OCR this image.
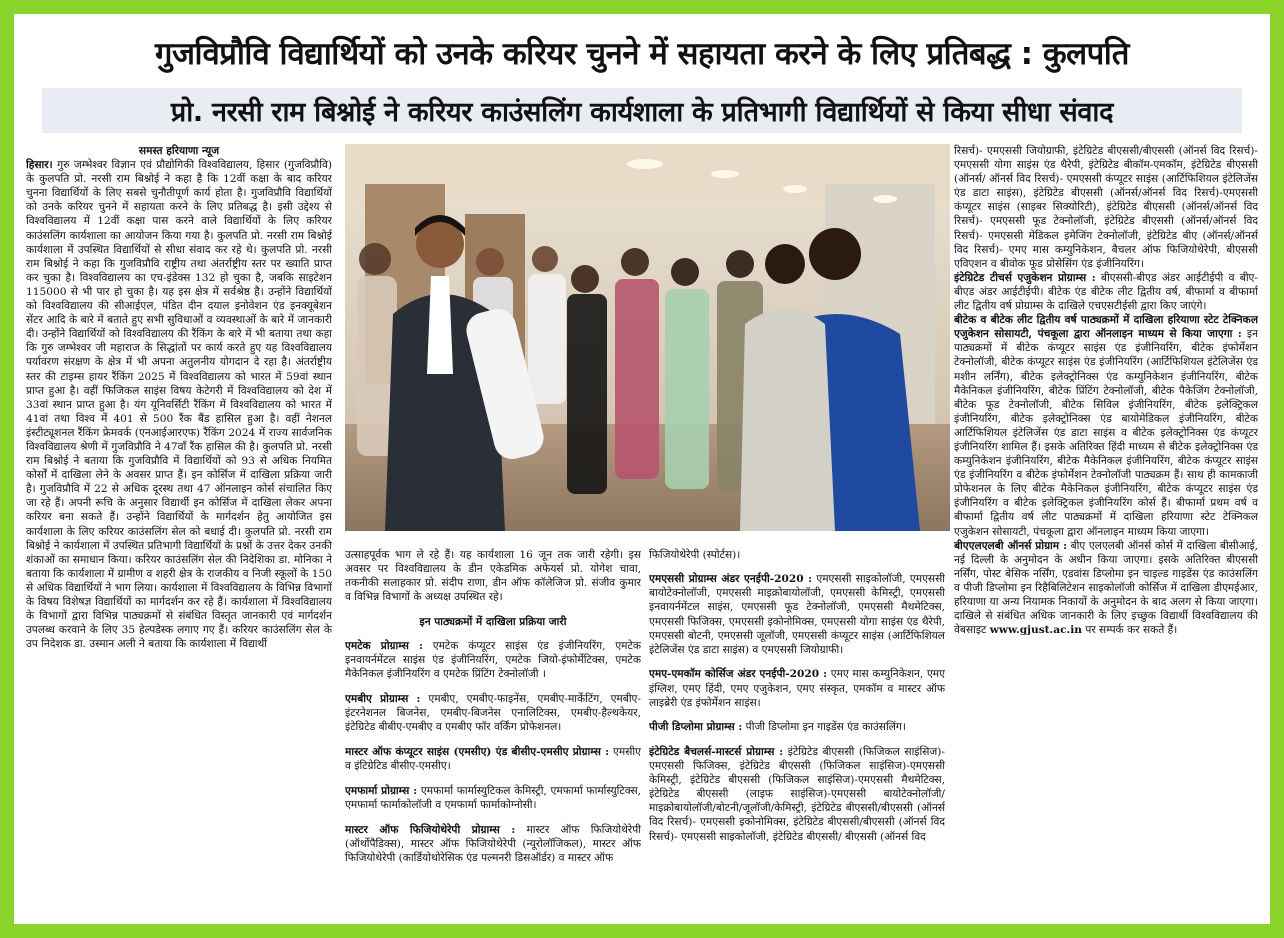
गुजविप्रौवि विद्यार्थियों को उनके करियर चुनने में सहायता करने के लिए प्रतिबद्ध : कुलपति
प्रो. नरसी राम बिश्नोई ने करियर काउंसलिंग कार्यशाला के प्रतिभागी विद्यार्थियों से किया सीधा संवाद

समस्त हरियाणा न्यूज

हिसार। गुरु जम्भेश्वर विज्ञान एवं प्रौद्योगिकी विश्वविद्यालय, हिसार (गुजविप्रौवि) के कुलपति प्रो. नरसी राम बिश्नोई ने कहा है कि 12वीं कक्षा के बाद करियर चुनना विद्यार्थियों के लिए सबसे चुनौतीपूर्ण कार्य होता है। गुजविप्रौवि विद्यार्थियों को उनके करियर चुनने में सहायता करने के लिए प्रतिबद्ध है। इसी उद्देश्य से विश्वविद्यालय में 12वीं कक्षा पास करने वाले विद्यार्थियों के लिए करियर काउंसलिंग कार्यशाला का आयोजन किया गया है। कुलपति प्रो. नरसी राम बिश्नोई कार्यशाला में उपस्थित विद्यार्थियों से सीधा संवाद कर रहे थे। कुलपति प्रो. नरसी राम बिश्नोई ने कहा कि गुजविप्रौवि राष्ट्रीय तथा अंतर्राष्ट्रीय स्तर पर ख्याति प्राप्त कर चुका है। विश्वविद्यालय का एच-इंडेक्स 132 हो चुका है, जबकि साइटेशन 115000 से भी पार हो चुका है। यह इस क्षेत्र में सर्वश्रेष्ठ है। उन्होंने विद्यार्थियों को विश्वविद्यालय की सीआईएल, पंडित दीन दयाल इनोवेशन एंड इनक्यूबेशन सेंटर आदि के बारे में बताते हुए सभी सुविधाओं व व्यवस्थाओं के बारे में जानकारी दी। उन्होंने विद्यार्थियों को विश्वविद्यालय की रैंकिंग के बारे में भी बताया तथा कहा कि गुरु जम्भेश्वर जी महाराज के सिद्धांतों पर कार्य करते हुए यह विश्वविद्यालय पर्यावरण संरक्षण के क्षेत्र में भी अपना अतुलनीय योगदान दे रहा है। अंतर्राष्ट्रीय स्तर की टाइम्स हायर रैंकिंग 2025 में विश्वविद्यालय को भारत में 59वां स्थान प्राप्त हुआ है। वहीं फिजिकल साइंस विषय केटेगरी में विश्वविद्यालय को देश में 33वां स्थान प्राप्त हुआ है। यंग यूनिवर्सिटी रैंकिंग में विश्वविद्यालय को भारत में 41वां तथा विश्व में 401 से 500 रैंक बैंड हासिल हुआ है। वहीं नेशनल इंस्टीट्यूशनल रैंकिंग फ्रेमवर्क (एनआईआरएफ) रैंकिंग 2024 में राज्य सार्वजनिक विश्वविद्यालय श्रेणी में गुजविप्रौवि ने 47वाँ रैंक हासिल की है। कुलपति प्रो. नरसी राम बिश्नोई ने बताया कि गुजविप्रौवि में विद्यार्थियों को 93 से अधिक नियमित कोर्सों में दाखिला लेने के अवसर प्राप्त हैं। इन कोर्सिज में दाखिला प्रक्रिया जारी है। गुजविप्रौवि में 22 से अधिक दूरस्थ तथा 47 ऑनलाइन कोर्स संचालित किए जा रहे हैं। अपनी रूचि के अनुसार विद्यार्थी इन कोर्सिज में दाखिला लेकर अपना करियर बना सकते हैं। उन्होंने विद्यार्थियों के मार्गदर्शन हेतु आयोजित इस कार्यशाला के लिए करियर काउंसलिंग सेल को बधाई दी। कुलपति प्रो. नरसी राम बिश्नोई ने कार्यशाला में उपस्थित प्रतिभागी विद्यार्थियों के प्रश्नों के उत्तर देकर उनकी शंकाओं का समाधान किया। करियर काउंसलिंग सेल की निदेशिका डा. मोनिका ने बताया कि कार्यशाला में ग्रामीण व शहरी क्षेत्र के राजकीय व निजी स्कूलों के 150 से अधिक विद्यार्थियों ने भाग लिया। कार्यशाला में विश्वविद्यालय के विभिन्न विभागों के विषय विशेषज्ञ विद्यार्थियों का मार्गदर्शन कर रहे हैं। कार्यशाला में विश्वविद्यालय के विभागों द्वारा विभिन्न पाठ्यक्रमों से संबंधित विस्तृत जानकारी एवं मार्गदर्शन उपलब्ध करवाने के लिए 35 हेल्पडेस्क लगाए गए हैं। करियर काउंसलिंग सेल के उप निदेशक डा. उस्मान अली ने बताया कि कार्यशाला में विद्यार्थी

उत्साहपूर्वक भाग ले रहे हैं। यह कार्यशाला 16 जून तक जारी रहेगी। इस अवसर पर विश्वविद्यालय के डीन एकेडमिक अफेयर्स प्रो. योगेश चावा, तकनीकी सलाहकार प्रो. संदीप राणा, डीन ऑफ कॉलेजिज प्रो. संजीव कुमार व विभिन्न विभागों के अध्यक्ष उपस्थित रहे।

इन पाठ्यक्रमों में दाखिला प्रक्रिया जारी

एमटेक प्रोग्राम्स : एमटेक कंप्यूटर साइंस एंड इंजीनियरिंग, एमटेक इनवायर्नमेंटल साइंस एंड इंजीनियरिंग, एमटेक जियो-इंफोर्मेटिक्स, एमटेक मैकेनिकल इंजीनियरिंग व एमटेक प्रिंटिंग टेक्नोलॉजी ।

एमबीए प्रोग्राम्स : एमबीए, एमबीए-फाइनेंस, एमबीए-मार्केटिंग, एमबीए-इंटरनेशनल बिजनेस, एमबीए-बिजनेस एनालिटिक्स, एमबीए-हैल्थकेयर, इंटेग्रिटेड बीबीए-एमबीए व एमबीए फॉर वर्किंग प्रोफेशनल।

मास्टर ऑफ कंप्यूटर साइंस (एमसीए) एंड बीसीए-एमसीए प्रोग्राम्स : एमसीए व इंटिग्रेटिड बीसीए-एमसीए।

एमफार्मा प्रोग्राम्स : एमफार्मा फार्मास्युटिकल केमिस्ट्री, एमफार्मा फार्मास्युटिक्स, एमफार्मा फार्माकोलॉजी व एमफार्मा फार्माकोग्नोसी।

मास्टर ऑफ फिजियोथेरेपी प्रोग्राम्स : मास्टर ऑफ फिजियोथेरेपी (ऑर्थोपैडिक्स), मास्टर ऑफ फिजियोथेरेपी (न्यूरोलॉजिकल), मास्टर ऑफ फिजियोथेरेपी (कार्डियोथोरेसिक एंड पल्मनरी डिसऑर्डर) व मास्टर ऑफ

फिजियोथेरेपी (स्पोर्टस)।

एमएससी प्रोग्राम्स अंडर एनईपी-2020 : एमएससी साइकोलॉजी, एमएससी बायोटेक्नोलॉजी, एमएससी माइक्रोबायोलॉजी, एमएससी केमिस्ट्री, एमएससी इनवायर्नमेंटल साइंस, एमएससी फूड टेक्नोलॉजी, एमएससी मैथमेटिक्स, एमएससी फिजिक्स, एमएससी इकोनोमिक्स, एमएससी योगा साइंस एंड थैरेपी, एमएससी बोटनी, एमएससी जूलॉजी, एमएससी कंप्यूटर साइंस (आर्टिफिशियल इंटेलिजेंस एंड डाटा साइंस) व एमएससी जियोग्राफी।

एमए-एमकॉम कोर्सिज अंडर एनईपी-2020 : एमए मास कम्युनिकेशन, एमए इंग्लिश, एमए हिंदी, एमए एजुकेशन, एमए संस्कृत, एमकॉम व मास्टर ऑफ लाइब्रेरी एंड इंफोर्मेशन साइंस।

पीजी डिप्लोमा प्रोग्राम्स : पीजी डिप्लोमा इन गाइडेंस एंड काउंसलिंग।

इंटेग्रिटेड बैचलर्स-मास्टर्स प्रोग्राम्स : इंटेग्रिटेड बीएससी (फिजिकल साइंसिज)-एमएससी फिजिक्स, इंटेग्रिटेड बीएससी (फिजिकल साइंसिज)-एमएससी केमिस्ट्री, इंटेग्रिटेड बीएससी (फिजिकल साइंसिज)-एमएससी मैथमेटिक्स, इंटेग्रिटेड बीएससी (लाइफ साइंसिज)-एमएससी बायोटेक्नोलॉजी/माइक्रोबायोलॉजी/बोटनी/जूलॉजी/केमिस्ट्री, इंटेग्रिटेड बीएससी/बीएससी (ऑनर्स विद रिसर्च)- एमएससी इकोनोमिक्स, इंटेग्रिटेड बीएससी/बीएससी (ऑनर्स विद रिसर्च)- एमएससी साइकोलॉजी, इंटेग्रिटेड बीएससी/ बीएससी (ऑनर्स विद

रिसर्च)- एमएससी जियोग्राफी, इंटेग्रिटेड बीएससी/बीएससी (ऑनर्स विद रिसर्च)- एमएससी योगा साइंस एंड थैरेपी, इंटेग्रिटेड बीकॉम-एमकॉम, इंटेग्रिटेड बीएससी (ऑनर्स/ ऑनर्स विद रिसर्च)- एमएससी कंप्यूटर साइंस (आर्टिफिशियल इंटेलिजेंस एंड डाटा साइंस), इंटेग्रिटेड बीएससी (ऑनर्स/ऑनर्स विद रिसर्च)-एमएससी कंप्यूटर साइंस (साइबर सिक्योरिटी), इंटेग्रिटेड बीएससी (ऑनर्स/ऑनर्स विद रिसर्च)- एमएससी फूड टेक्नोलॉजी, इंटेग्रिटेड बीएससी (ऑनर्स/ऑनर्स विद रिसर्च)- एमएससी मेडिकल इमेजिंग टेक्नोलॉजी, इंटेग्रिटेड बीए (ऑनर्स/ऑनर्स विद रिसर्च)- एमए मास कम्युनिकेशन, बैचलर ऑफ फिजियोथेरेपी, बीएससी एविएशन व बीवोक फूड प्रोसेसिंग एंड इंजीनियरिंग।

इंटेग्रिटेड टीचर्स एजुकेशन प्रोग्राम्स : बीएससी-बीएड अंडर आईटीईपी व बीए-बीएड अंडर आईटीईपी। बीटेक एंड बीटेक लीट द्वितीय वर्ष, बीफार्मा व बीफार्मा लीट द्वितीय वर्ष प्रोग्राम्स के दाखिले एचएसटीईसी द्वारा किए जाएंगे।

बीटेक व बीटेक लीट द्वितीय वर्ष पाठ्यक्रमों में दाखिला हरियाणा स्टेट टेक्निकल एजुकेशन सोसायटी, पंचकूला द्वारा ऑनलाइन माध्यम से किया जाएगा : इन पाठ्यक्रमों में बीटेक कंप्यूटर साइंस एंड इंजीनियरिंग, बीटेक इंफोर्मेशन टेक्नोलॉजी, बीटेक कंप्यूटर साइंस एंड इंजीनियरिंग (आर्टिफिशियल इंटेलिजेंस एंड मशीन लर्निंग), बीटेक इलेक्ट्रोनिक्स एंड कम्युनिकेशन इंजीनियरिंग, बीटेक मैकेनिकल इंजीनियरिंग, बीटेक प्रिंटिंग टेक्नोलॉजी, बीटेक पैकेजिंग टेक्नोलॉजी, बीटेक फूड टेक्नोलॉजी, बीटेक सिविल इंजीनियरिंग, बीटेक इलेक्ट्रिकल इंजीनियरिंग, बीटेक इलेक्ट्रोनिक्स एंड बायोमेडिकल इंजीनियरिंग, बीटेक आर्टिफिशियल इंटेलिजेंस एंड डाटा साइंस व बीटेक इलेक्ट्रोनिक्स एंड कंप्यूटर इंजीनियरिंग शामिल हैं। इसके अतिरिक्त हिंदी माध्यम से बीटेक इलेक्ट्रोनिक्स एंड कम्युनिकेशन इंजीनियरिंग, बीटेक मैकेनिकल इंजीनियरिंग, बीटेक कंप्यूटर साइंस एंड इंजीनियरिंग व बीटेक इंफोर्मेशन टेक्नोलॉजी पाठ्यक्रम हैं। साथ ही कामकाजी प्रोफेशनल के लिए बीटेक मैकेनिकल इंजीनियरिंग, बीटेक कंप्यूटर साइंस एंड इंजीनियरिंग व बीटेक इलेक्ट्रिकल इंजीनियरिंग कोर्स हैं। बीफार्मा प्रथम वर्ष व बीफार्मा द्वितीय वर्ष लीट पाठ्यक्रमों में दाखिला हरियाणा स्टेट टेक्निकल एजुकेशन सोसायटी, पंचकूला द्वारा ऑनलाइन माध्यम किया जाएगा।

बीएएलएलबी ऑनर्स प्रोग्राम : बीए एलएलबी ऑनर्स कोर्स में दाखिला बीसीआई, नई दिल्ली के अनुमोदन के अधीन किया जाएगा। इसके अतिरिक्त बीएससी नर्सिंग, पोस्ट बेसिक नर्सिंग, एडवांस डिप्लोमा इन चाइल्ड गाइडेंस एंड काउंसलिंग व पीजी डिप्लोमा इन रिहैबिलिटेशन साइकोलॉजी कोर्सिज में दाखिला डीएमईआर, हरियाणा या अन्य नियामक निकायों के अनुमोदन के बाद अलग से किया जाएगा। दाखिले से संबंधित अधिक जानकारी के लिए इच्छुक विद्यार्थी विश्वविद्यालय की वेबसाइट www.gjust.ac.in पर सम्पर्क कर सकते हैं।
